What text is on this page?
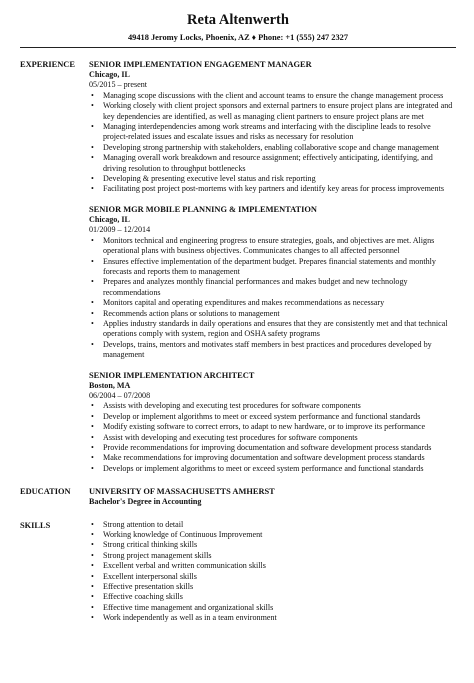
Reta Altenwerth
49418 Jeromy Locks, Phoenix, AZ ♦ Phone: +1 (555) 247 2327
EXPERIENCE	SENIOR IMPLEMENTATION ENGAGEMENT MANAGER
Chicago, IL
05/2015 – present
• Managing scope discussions with the client and account teams to ensure the change management process
• Working closely with client project sponsors and external partners to ensure project plans are integrated and key dependencies are identified, as well as managing client partners to ensure project plans are met
• Managing interdependencies among work streams and interfacing with the discipline leads to resolve project-related issues and escalate issues and risks as necessary for resolution
• Developing strong partnership with stakeholders, enabling collaborative scope and change management
• Managing overall work breakdown and resource assignment; effectively anticipating, identifying, and driving resolution to throughput bottlenecks
• Developing & presenting executive level status and risk reporting
• Facilitating post project post-mortems with key partners and identify key areas for process improvements
SENIOR MGR MOBILE PLANNING & IMPLEMENTATION
Chicago, IL
01/2009 – 12/2014
• Monitors technical and engineering progress to ensure strategies, goals, and objectives are met. Aligns operational plans with business objectives. Communicates changes to all affected personnel
• Ensures effective implementation of the department budget. Prepares financial statements and monthly forecasts and reports them to management
• Prepares and analyzes monthly financial performances and makes budget and new technology recommendations
• Monitors capital and operating expenditures and makes recommendations as necessary
• Recommends action plans or solutions to management
• Applies industry standards in daily operations and ensures that they are consistently met and that technical operations comply with system, region and OSHA safety programs
• Develops, trains, mentors and motivates staff members in best practices and procedures developed by management
SENIOR IMPLEMENTATION ARCHITECT
Boston, MA
06/2004 – 07/2008
• Assists with developing and executing test procedures for software components
• Develop or implement algorithms to meet or exceed system performance and functional standards
• Modify existing software to correct errors, to adapt to new hardware, or to improve its performance
• Assist with developing and executing test procedures for software components
• Provide recommendations for improving documentation and software development process standards
• Make recommendations for improving documentation and software development process standards
• Develops or implement algorithms to meet or exceed system performance and functional standards
EDUCATION	UNIVERSITY OF MASSACHUSETTS AMHERST
Bachelor's Degree in Accounting
SKILLS	• Strong attention to detail
• Working knowledge of Continuous Improvement
• Strong critical thinking skills
• Strong project management skills
• Excellent verbal and written communication skills
• Excellent interpersonal skills
• Effective presentation skills
• Effective coaching skills
• Effective time management and organizational skills
• Work independently as well as in a team environment
